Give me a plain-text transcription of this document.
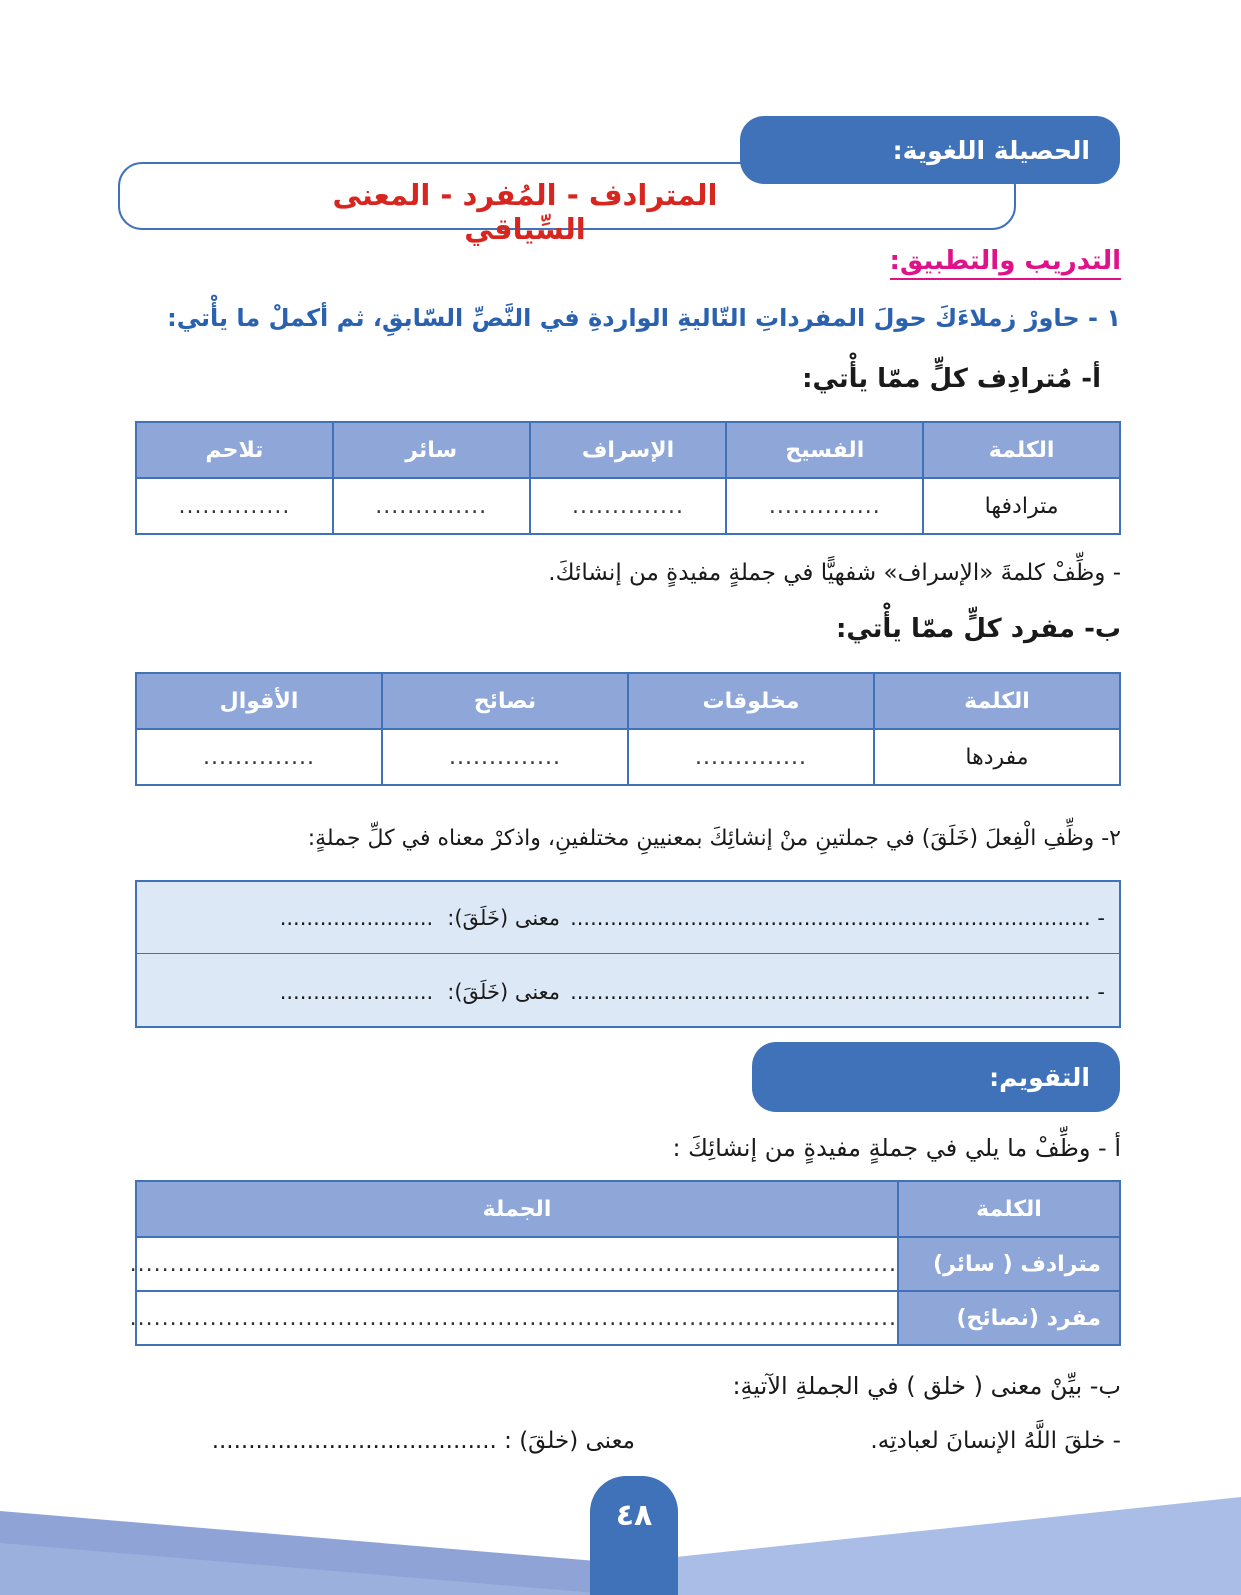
الحصيلة اللغوية:
المترادف - المُفرد - المعنى السِّياقي
التدريب والتطبيق:
١ - حاورْ زملاءَكَ حولَ المفرداتِ التّاليةِ الواردةِ في النَّصِّ السّابقِ، ثم أكملْ ما يأْتي:
أ- مُترادِف كلٍّ ممّا يأْتي:
الكلمة	الفسيح	الإسراف	سائر	تلاحم
مترادفها	..............	..............	..............	..............
- وظِّفْ كلمةَ «الإسراف» شفهيًّا في جملةٍ مفيدةٍ من إنشائكَ.
ب- مفرد كلٍّ ممّا يأْتي:
الكلمة	مخلوقات	نصائح	الأقوال
مفردها	..............	..............	..............
٢- وظِّفِ الْفِعلَ (خَلَقَ) في جملتينِ منْ إنشائِكَ بمعنيينِ مختلفينِ، واذكرْ معناه في كلِّ جملةٍ:
- ..............................................................................
معنى (خَلَقَ):
.......................
- ..............................................................................
معنى (خَلَقَ):
.......................
التقويم:
أ - وظِّفْ ما يلي في جملةٍ مفيدةٍ من إنشائِكَ :
الكلمة	الجملة
مترادف ( سائر)	................................................................................................
مفرد (نصائح)	................................................................................................
ب- بيِّنْ معنى ( خلق ) في الجملةِ الآتيةِ:
- خلقَ اللَّهُ الإنسانَ لعبادتِه.
معنى (خلقَ) : .......................................
٤٨
